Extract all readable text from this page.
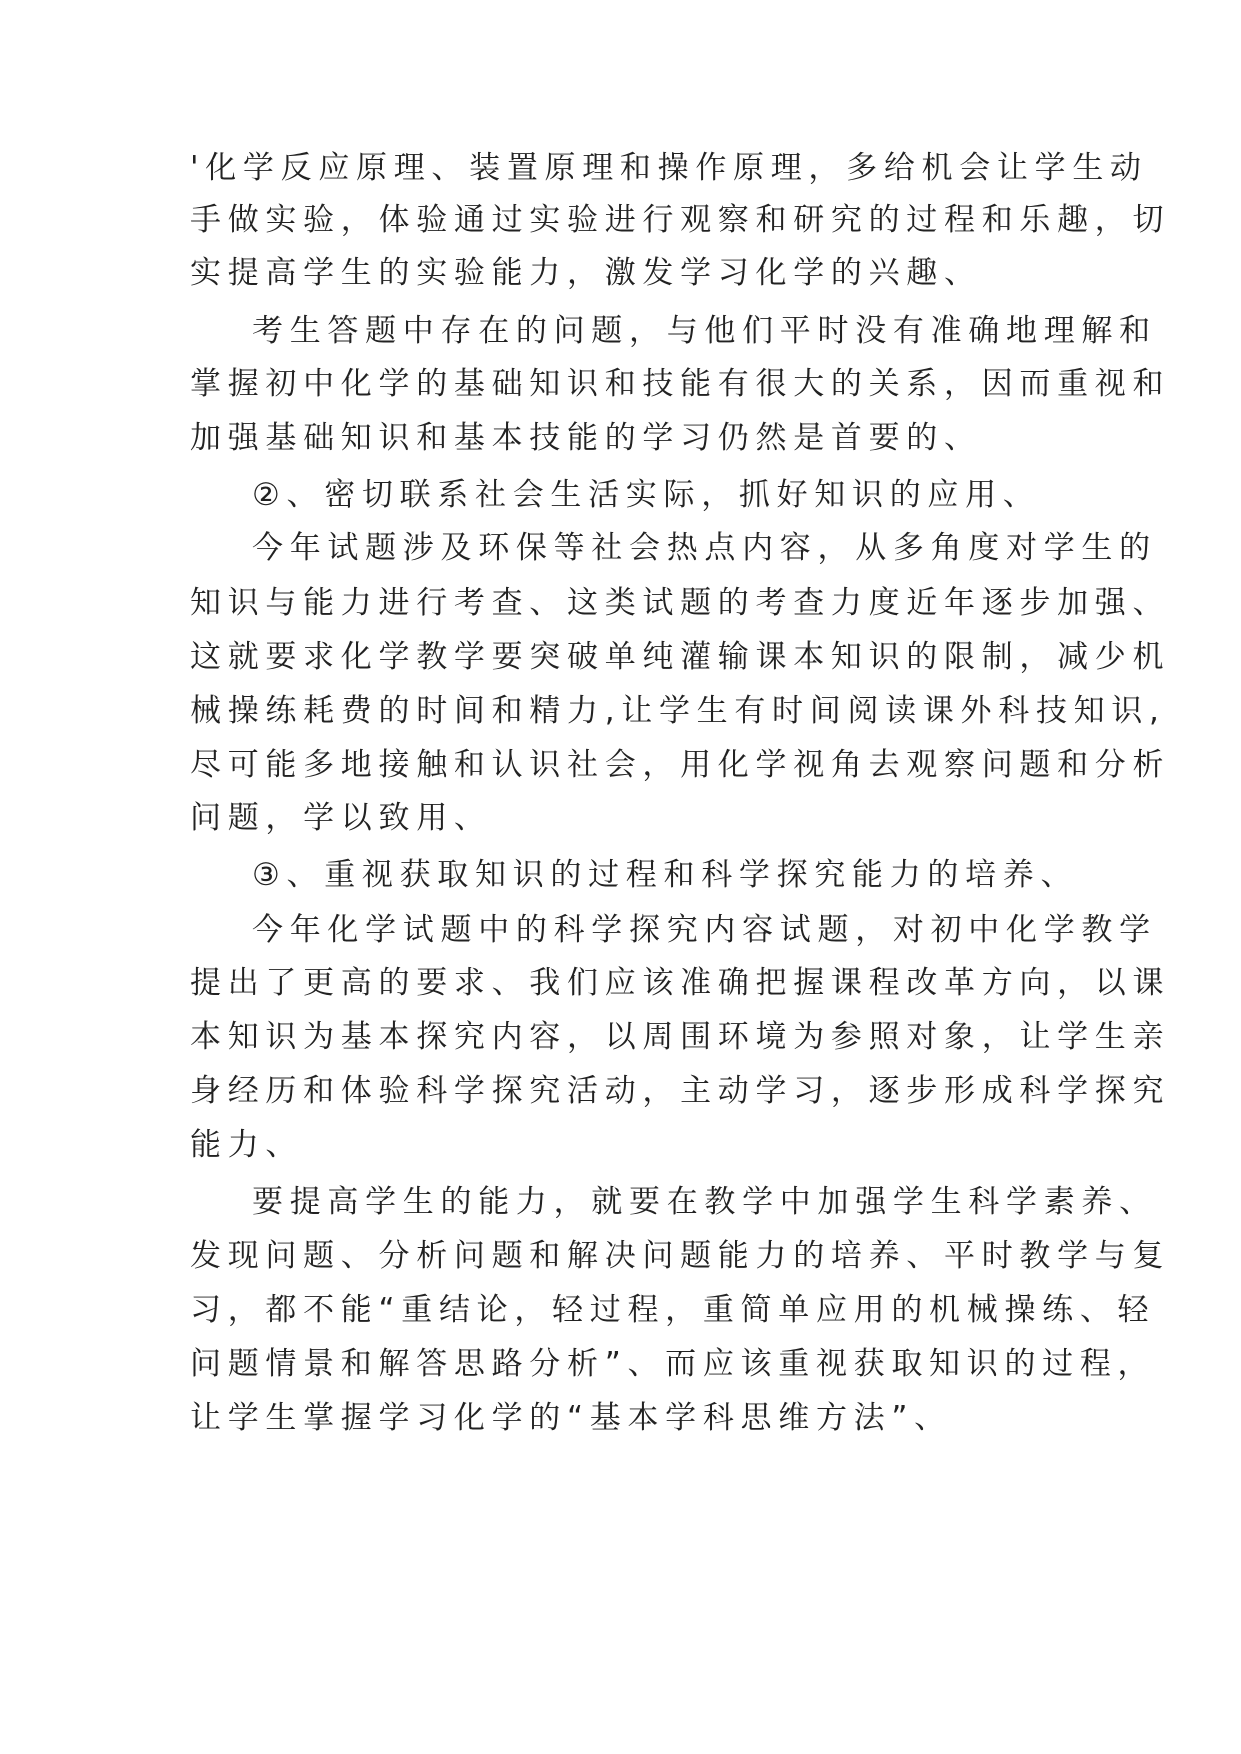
'化学反应原理、装置原理和操作原理，多给机会让学生动
手做实验，体验通过实验进行观察和研究的过程和乐趣，切
实提高学生的实验能力，激发学习化学的兴趣、
考生答题中存在的问题，与他们平时没有准确地理解和
掌握初中化学的基础知识和技能有很大的关系，因而重视和
加强基础知识和基本技能的学习仍然是首要的、
②、密切联系社会生活实际，抓好知识的应用、
今年试题涉及环保等社会热点内容，从多角度对学生的
知识与能力进行考查、这类试题的考查力度近年逐步加强、
这就要求化学教学要突破单纯灌输课本知识的限制，减少机
械操练耗费的时间和精力,让学生有时间阅读课外科技知识,
尽可能多地接触和认识社会，用化学视角去观察问题和分析
问题，学以致用、
③、重视获取知识的过程和科学探究能力的培养、
今年化学试题中的科学探究内容试题，对初中化学教学
提出了更高的要求、我们应该准确把握课程改革方向，以课
本知识为基本探究内容，以周围环境为参照对象，让学生亲
身经历和体验科学探究活动，主动学习，逐步形成科学探究
能力、
要提高学生的能力，就要在教学中加强学生科学素养、
发现问题、分析问题和解决问题能力的培养、平时教学与复
习，都不能“重结论，轻过程，重简单应用的机械操练、轻
问题情景和解答思路分析”、而应该重视获取知识的过程，
让学生掌握学习化学的“基本学科思维方法”、
